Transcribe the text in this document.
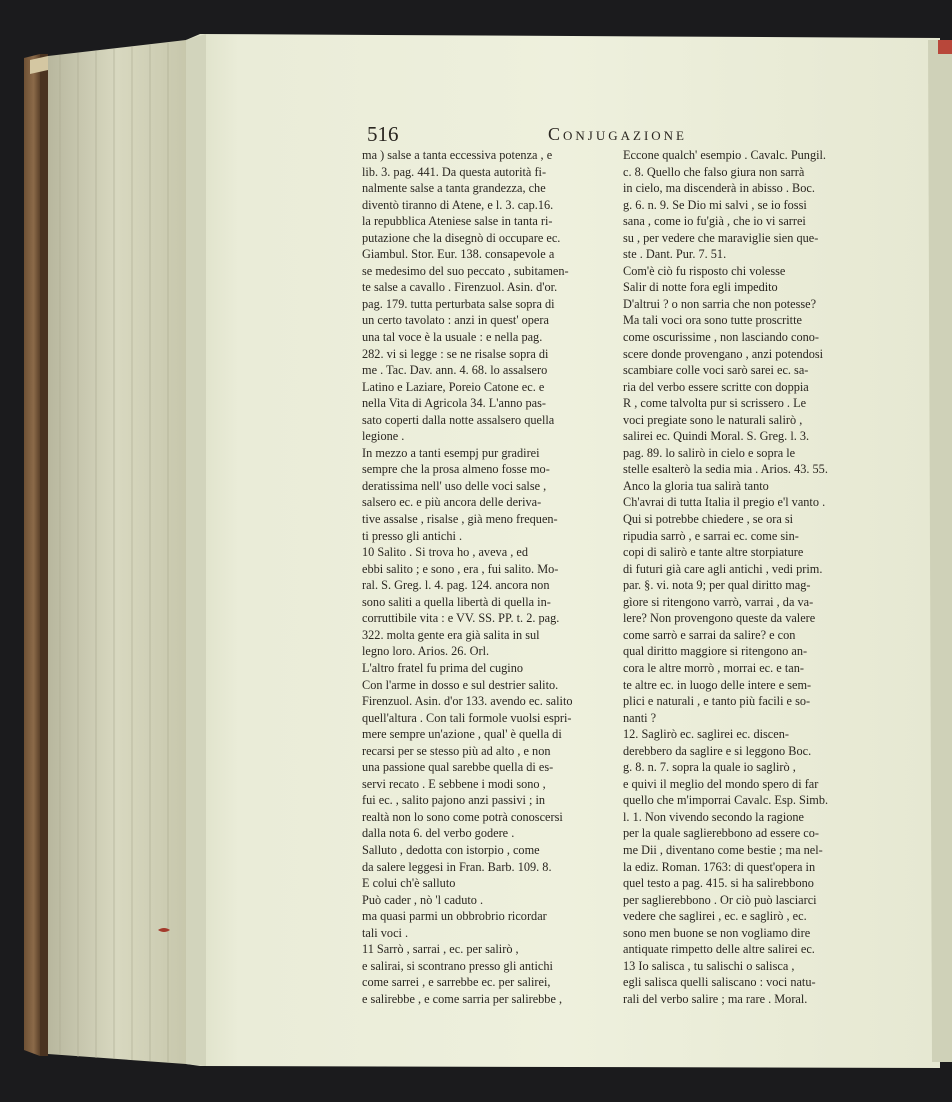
516	Conjugazione
ma ) salse a tanta eccessiva potenza , e
lib. 3. pag. 441. Da questa autorità fi-
nalmente salse a tanta grandezza, che
diventò tiranno di Atene, e l. 3. cap.16.
la repubblica Ateniese salse in tanta ri-
putazione che la disegnò di occupare ec.
Giambul. Stor. Eur. 138. consapevole a
se medesimo del suo peccato , subitamen-
te salse a cavallo . Firenzuol. Asin. d'or.
pag. 179. tutta perturbata salse sopra di
un certo tavolato : anzi in quest' opera
una tal voce è la usuale : e nella pag.
282. vi si legge : se ne risalse sopra di
me . Tac. Dav. ann. 4. 68. lo assalsero
Latino e Laziare, Poreio Catone ec. e
nella Vita di Agricola 34. L'anno pas-
sato coperti dalla notte assalsero quella
legione .
In mezzo a tanti esempj pur gradirei
sempre che la prosa almeno fosse mo-
deratissima nell' uso delle voci salse ,
salsero ec. e più ancora delle deriva-
tive assalse , risalse , già meno frequen-
ti presso gli antichi .
10 Salito . Si trova ho , aveva , ed
ebbi salito ; e sono , era , fui salito. Mo-
ral. S. Greg. l. 4. pag. 124. ancora non
sono saliti a quella libertà di quella in-
corruttibile vita : e VV. SS. PP. t. 2. pag.
322. molta gente era già salita in sul
legno loro. Arios. 26. Orl.
L'altro fratel fu prima del cugino
Con l'arme in dosso e sul destrier salito.
Firenzuol. Asin. d'or 133. avendo ec. salito
quell'altura . Con tali formole vuolsi espri-
mere sempre un'azione , qual' è quella di
recarsi per se stesso più ad alto , e non
una passione qual sarebbe quella di es-
servi recato . E sebbene i modi sono ,
fui ec. , salito pajono anzi passivi ; in
realtà non lo sono come potrà conoscersi
dalla nota 6. del verbo godere .
Salluto , dedotta con istorpio , come
da salere leggesi in Fran. Barb. 109. 8.
E colui ch'è salluto
Può cader , nò 'l caduto .
ma quasi parmi un obbrobrio ricordar
tali voci .
11 Sarrò , sarrai , ec. per salirò ,
e salirai, si scontrano presso gli antichi
come sarrei , e sarrebbe ec. per salirei,
e salirebbe , e come sarria per salirebbe ,
Eccone qualch' esempio . Cavalc. Pungil.
c. 8. Quello che falso giura non sarrà
in cielo, ma discenderà in abisso . Boc.
g. 6. n. 9. Se Dio mi salvi , se io fossi
sana , come io fu'già , che io vi sarrei
su , per vedere che maraviglie sien que-
ste . Dant. Pur. 7. 51.
Com'è ciò fu risposto chi volesse
Salir di notte fora egli impedito
D'altrui ? o non sarria che non potesse?
Ma tali voci ora sono tutte proscritte
come oscurissime , non lasciando cono-
scere donde provengano , anzi potendosi
scambiare colle voci sarò sarei ec. sa-
ria del verbo essere scritte con doppia
R , come talvolta pur si scrissero . Le
voci pregiate sono le naturali salirò ,
salirei ec. Quindi Moral. S. Greg. l. 3.
pag. 89. lo salirò in cielo e sopra le
stelle esalterò la sedia mia . Arios. 43. 55.
Anco la gloria tua salirà tanto
Ch'avrai di tutta Italia il pregio e'l vanto .
Qui si potrebbe chiedere , se ora si
ripudia sarrò , e sarrai ec. come sin-
copi di salirò e tante altre storpiature
di futuri già care agli antichi , vedi prim.
par. §. vi. nota 9; per qual diritto mag-
gìore si ritengono varrò, varrai , da va-
lere? Non provengono queste da valere
come sarrò e sarrai da salire? e con
qual diritto maggiore si ritengono an-
cora le altre morrò , morrai ec. e tan-
te altre ec. in luogo delle intere e sem-
plici e naturali , e tanto più facili e so-
nanti ?
12. Saglirò ec. saglirei ec. discen-
derebbero da saglire e si leggono Boc.
g. 8. n. 7. sopra la quale io saglirò ,
e quivi il meglio del mondo spero di far
quello che m'imporrai Cavalc. Esp. Simb.
l. 1. Non vivendo secondo la ragione
per la quale saglierebbono ad essere co-
me Dii , diventano come bestie ; ma nel-
la ediz. Roman. 1763: di quest'opera in
quel testo a pag. 415. si ha salirebbono
per saglierebbono . Or ciò può lasciarci
vedere che saglirei , ec. e saglirò , ec.
sono men buone se non vogliamo dire
antiquate rimpetto delle altre salirei ec.
13 Io salisca , tu salischi o salisca ,
egli salisca quelli saliscano : voci natu-
rali del verbo salire ; ma rare . Moral.
